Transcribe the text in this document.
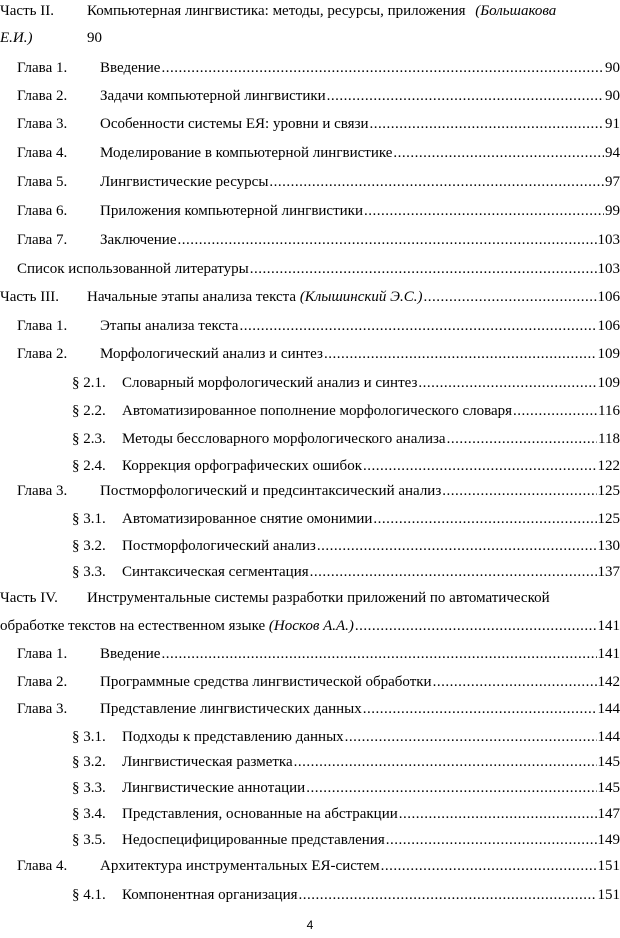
Часть II. Компьютерная лингвистика: методы, ресурсы, приложения (Большакова
Е.И.)	90
Глава 1. Введение .....	90
Глава 2. Задачи компьютерной лингвистики .....	90
Глава 3. Особенности системы ЕЯ: уровни и связи .....	91
Глава 4. Моделирование в компьютерной лингвистике .....	94
Глава 5. Лингвистические ресурсы .....	97
Глава 6. Приложения компьютерной лингвистики .....	99
Глава 7. Заключение .....	103
Список использованной литературы .....	103
Часть III. Начальные этапы анализа текста (Клышинский Э.С.) .....	106
Глава 1. Этапы анализа текста .....	106
Глава 2. Морфологический анализ и синтез .....	109
§ 2.1. Словарный морфологический анализ и синтез .....	109
§ 2.2. Автоматизированное пополнение морфологического словаря .....	116
§ 2.3. Методы бессловарного морфологического анализа .....	118
§ 2.4. Коррекция орфографических ошибок .....	122
Глава 3. Постморфологический и предсинтаксический анализ .....	125
§ 3.1. Автоматизированное снятие омонимии .....	125
§ 3.2. Постморфологический анализ .....	130
§ 3.3. Синтаксическая сегментация .....	137
Часть IV. Инструментальные системы разработки приложений по автоматической
обработке текстов на естественном языке (Носков А.А.) .....	141
Глава 1. Введение .....	141
Глава 2. Программные средства лингвистической обработки .....	142
Глава 3. Представление лингвистических данных .....	144
§ 3.1. Подходы к представлению данных .....	144
§ 3.2. Лингвистическая разметка .....	145
§ 3.3. Лингвистические аннотации .....	145
§ 3.4. Представления, основанные на абстракции .....	147
§ 3.5. Недоспецифицированные представления .....	149
Глава 4. Архитектура инструментальных ЕЯ-систем .....	151
§ 4.1. Компонентная организация .....	151
4
